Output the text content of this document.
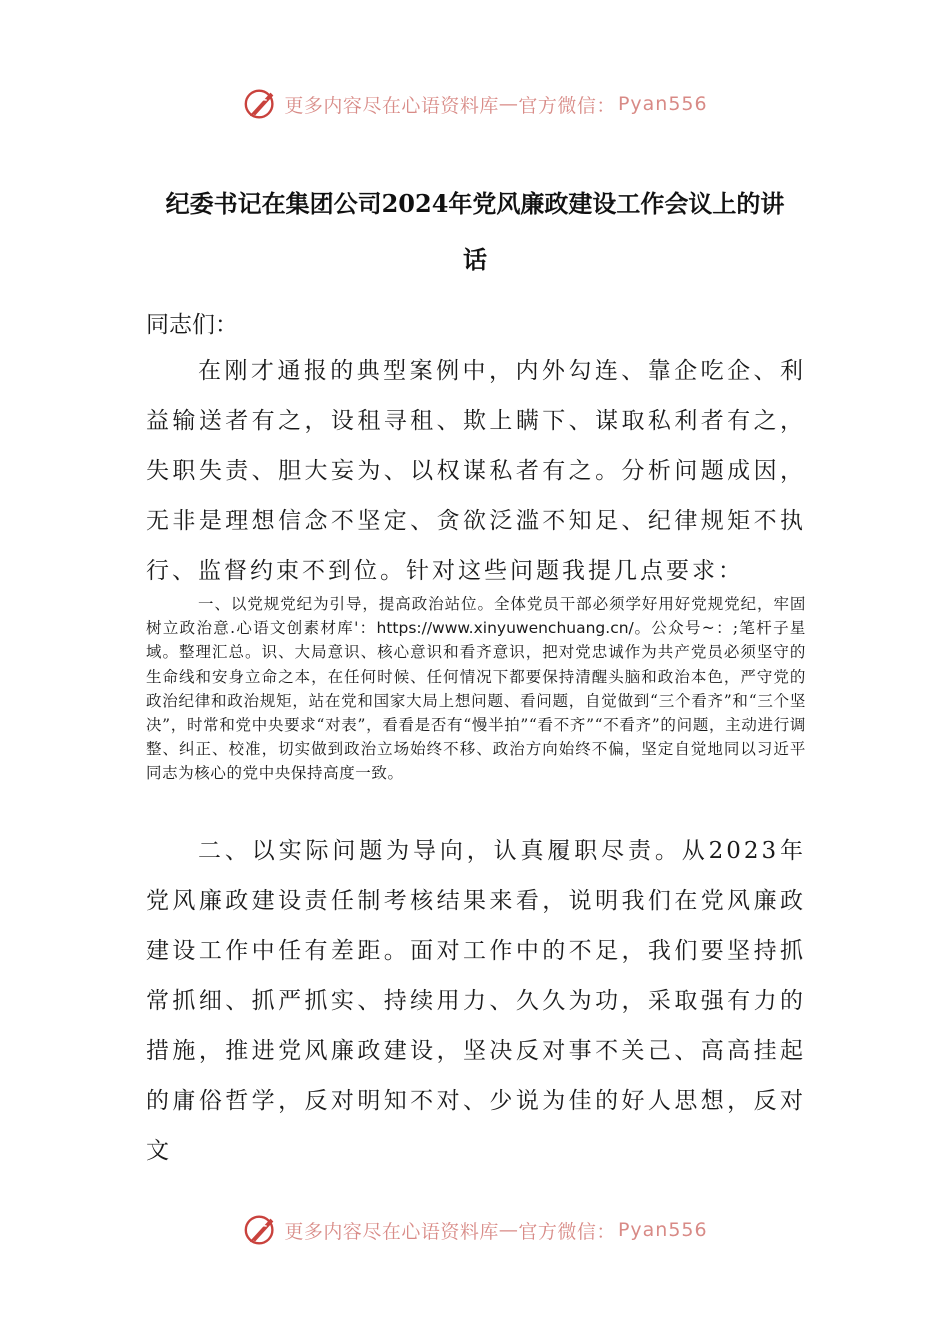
更多内容尽在心语资料库 — 官方微信： Pyan556
纪委书记在集团公司2024年党风廉政建设工作会议上的讲
话
同志们：

在刚才通报的典型案例中，内外勾连、靠企吃企、利益输送者有之，设租寻租、欺上瞒下、谋取私利者有之，失职失责、胆大妄为、以权谋私者有之。分析问题成因，无非是理想信念不坚定、贪欲泛滥不知足、纪律规矩不执行、监督约束不到位。针对这些问题我提几点要求：

一、以党规党纪为引导，提高政治站位。全体党员干部必须学好用好党规党纪，牢固树立政治意.心语文创素材库'：https://www.xinyuwenchuang.cn/。公众号~：;笔杆子星域。整理汇总。识、大局意识、核心意识和看齐意识，把对党忠诚作为共产党员必须坚守的生命线和安身立命之本，在任何时候、任何情况下都要保持清醒头脑和政治本色，严守党的政治纪律和政治规矩，站在党和国家大局上想问题、看问题，自觉做到“三个看齐”和“三个坚决”，时常和党中央要求“对表”，看看是否有“慢半拍”“看不齐”“不看齐”的问题，主动进行调整、纠正、校准，切实做到政治立场始终不移、政治方向始终不偏，坚定自觉地同以习近平同志为核心的党中央保持高度一致。

二、以实际问题为导向，认真履职尽责。从2023年党风廉政建设责任制考核结果来看，说明我们在党风廉政建设工作中任有差距。面对工作中的不足，我们要坚持抓常抓细、抓严抓实、持续用力、久久为功，采取强有力的措施，推进党风廉政建设，坚决反对事不关己、高高挂起的庸俗哲学，反对明知不对、少说为佳的好人思想，反对文

更多内容尽在心语资料库 — 官方微信： Pyan556
